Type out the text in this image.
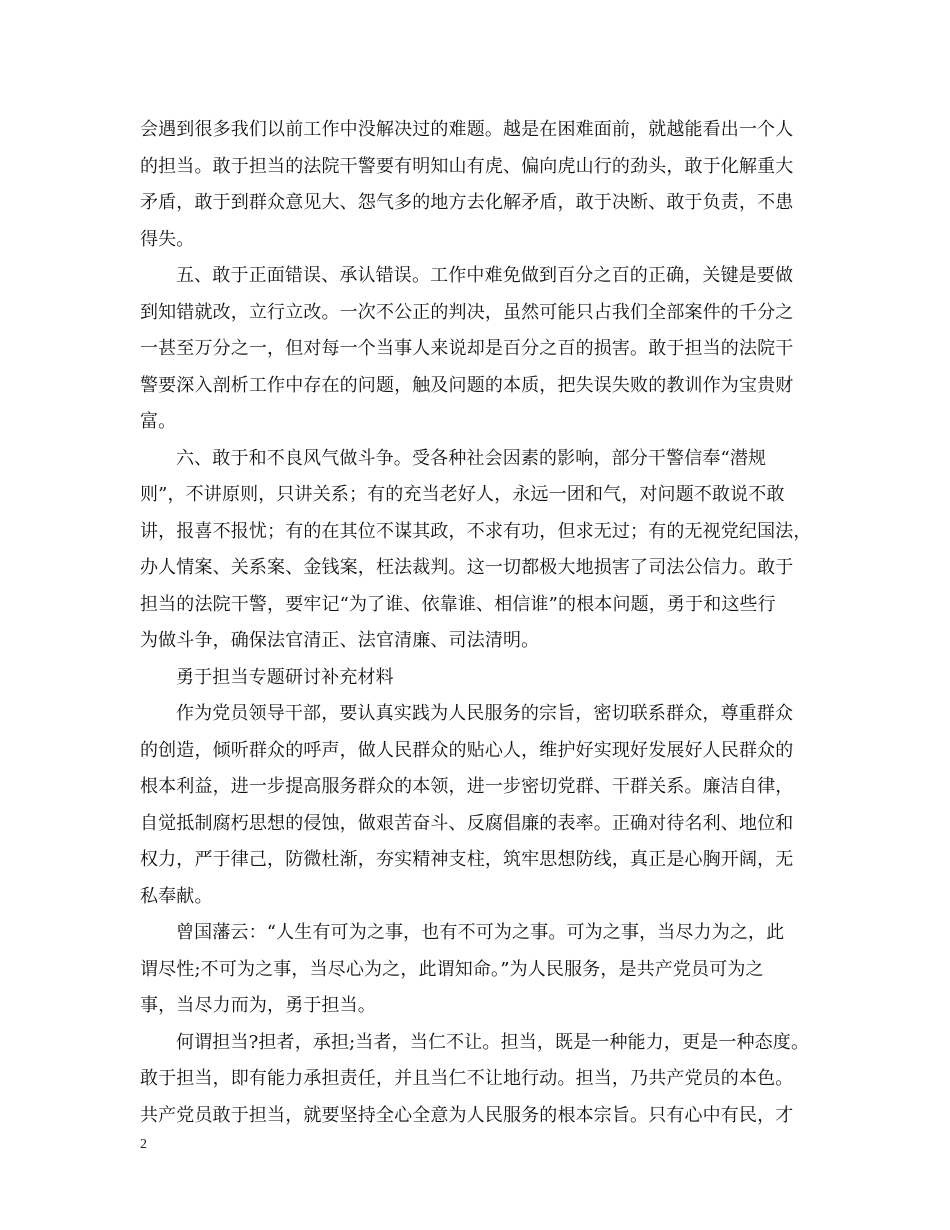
会遇到很多我们以前工作中没解决过的难题。越是在困难面前，就越能看出一个人
的担当。敢于担当的法院干警要有明知山有虎、偏向虎山行的劲头，敢于化解重大
矛盾，敢于到群众意见大、怨气多的地方去化解矛盾，敢于决断、敢于负责，不患
得失。
五、敢于正面错误、承认错误。工作中难免做到百分之百的正确，关键是要做
到知错就改，立行立改。一次不公正的判决，虽然可能只占我们全部案件的千分之
一甚至万分之一，但对每一个当事人来说却是百分之百的损害。敢于担当的法院干
警要深入剖析工作中存在的问题，触及问题的本质，把失误失败的教训作为宝贵财
富。
六、敢于和不良风气做斗争。受各种社会因素的影响，部分干警信奉“潜规
则”，不讲原则，只讲关系；有的充当老好人，永远一团和气，对问题不敢说不敢
讲，报喜不报忧；有的在其位不谋其政，不求有功，但求无过；有的无视党纪国法，
办人情案、关系案、金钱案，枉法裁判。这一切都极大地损害了司法公信力。敢于
担当的法院干警，要牢记“为了谁、依靠谁、相信谁”的根本问题，勇于和这些行
为做斗争，确保法官清正、法官清廉、司法清明。
勇于担当专题研讨补充材料
作为党员领导干部，要认真实践为人民服务的宗旨，密切联系群众，尊重群众
的创造，倾听群众的呼声，做人民群众的贴心人，维护好实现好发展好人民群众的
根本利益，进一步提高服务群众的本领，进一步密切党群、干群关系。廉洁自律，
自觉抵制腐朽思想的侵蚀，做艰苦奋斗、反腐倡廉的表率。正确对待名利、地位和
权力，严于律己，防微杜渐，夯实精神支柱，筑牢思想防线，真正是心胸开阔，无
私奉献。
曾国藩云：“人生有可为之事，也有不可为之事。可为之事，当尽力为之，此
谓尽性;不可为之事，当尽心为之，此谓知命。”为人民服务，是共产党员可为之
事，当尽力而为，勇于担当。
何谓担当?担者，承担;当者，当仁不让。担当，既是一种能力，更是一种态度。
敢于担当，即有能力承担责任，并且当仁不让地行动。担当，乃共产党员的本色。
共产党员敢于担当，就要坚持全心全意为人民服务的根本宗旨。只有心中有民，才
2
